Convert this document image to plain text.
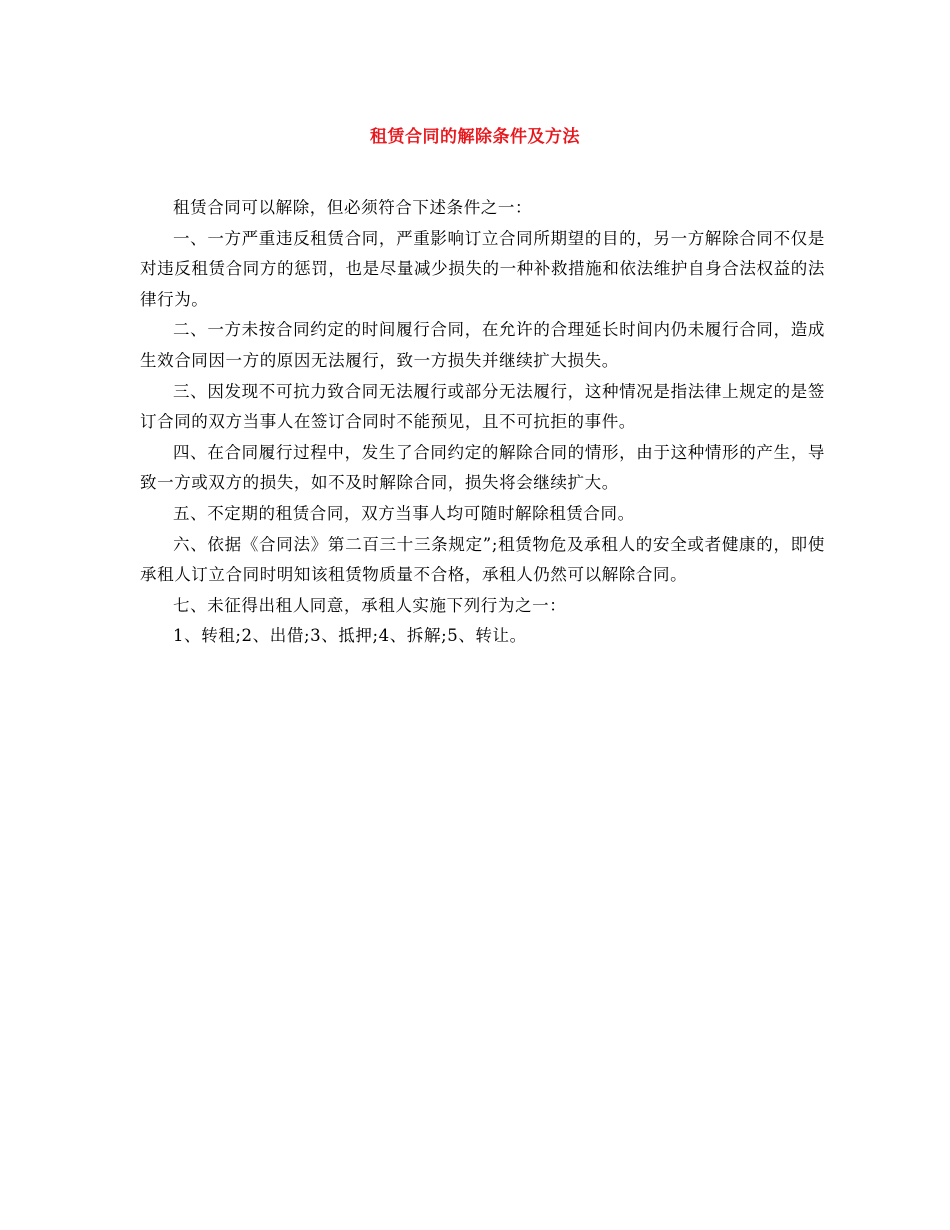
租赁合同的解除条件及方法

租赁合同可以解除，但必须符合下述条件之一：

一、一方严重违反租赁合同，严重影响订立合同所期望的目的，另一方解除合同不仅是对违反租赁合同方的惩罚，也是尽量减少损失的一种补救措施和依法维护自身合法权益的法律行为。

二、一方未按合同约定的时间履行合同，在允许的合理延长时间内仍未履行合同，造成生效合同因一方的原因无法履行，致一方损失并继续扩大损失。

三、因发现不可抗力致合同无法履行或部分无法履行，这种情况是指法律上规定的是签订合同的双方当事人在签订合同时不能预见，且不可抗拒的事件。

四、在合同履行过程中，发生了合同约定的解除合同的情形，由于这种情形的产生，导致一方或双方的损失，如不及时解除合同，损失将会继续扩大。

五、不定期的租赁合同，双方当事人均可随时解除租赁合同。

六、依据《合同法》第二百三十三条规定”;租赁物危及承租人的安全或者健康的，即使承租人订立合同时明知该租赁物质量不合格，承租人仍然可以解除合同。

七、未征得出租人同意，承租人实施下列行为之一：

1、转租;2、出借;3、抵押;4、拆解;5、转让。
